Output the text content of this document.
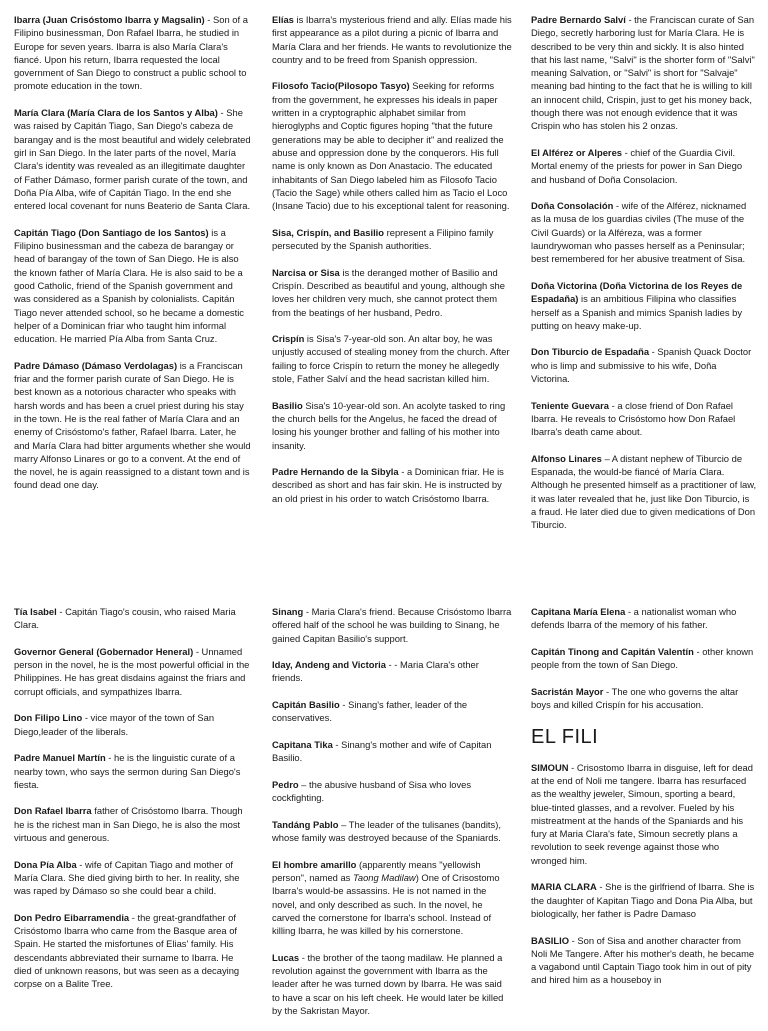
Ibarra (Juan Crisóstomo Ibarra y Magsalin) - Son of a Filipino businessman, Don Rafael Ibarra, he studied in Europe for seven years. Ibarra is also María Clara's fiancé. Upon his return, Ibarra requested the local government of San Diego to construct a public school to promote education in the town.
María Clara (María Clara de los Santos y Alba) - She was raised by Capitán Tiago, San Diego's cabeza de barangay and is the most beautiful and widely celebrated girl in San Diego. In the later parts of the novel, María Clara's identity was revealed as an illegitimate daughter of Father Dámaso, former parish curate of the town, and Doña Pía Alba, wife of Capitán Tiago. In the end she entered local covenant for nuns Beaterio de Santa Clara.
Capitán Tiago (Don Santiago de los Santos) is a Filipino businessman and the cabeza de barangay or head of barangay of the town of San Diego. He is also the known father of María Clara. He is also said to be a good Catholic, friend of the Spanish government and was considered as a Spanish by colonialists. Capitán Tiago never attended school, so he became a domestic helper of a Dominican friar who taught him informal education. He married Pía Alba from Santa Cruz.
Padre Dámaso (Dámaso Verdolagas) is a Franciscan friar and the former parish curate of San Diego. He is best known as a notorious character who speaks with harsh words and has been a cruel priest during his stay in the town. He is the real father of María Clara and an enemy of Crisóstomo's father, Rafael Ibarra. Later, he and María Clara had bitter arguments whether she would marry Alfonso Linares or go to a convent. At the end of the novel, he is again reassigned to a distant town and is found dead one day.
Elías is Ibarra's mysterious friend and ally. Elías made his first appearance as a pilot during a picnic of Ibarra and María Clara and her friends. He wants to revolutionize the country and to be freed from Spanish oppression.
Filosofo Tacio(Pilosopo Tasyo) Seeking for reforms from the government, he expresses his ideals in paper written in a cryptographic alphabet similar from hieroglyphs and Coptic figures hoping "that the future generations may be able to decipher it" and realized the abuse and oppression done by the conquerors. His full name is only known as Don Anastacio. The educated inhabitants of San Diego labeled him as Filosofo Tacio (Tacio the Sage) while others called him as Tacio el Loco (Insane Tacio) due to his exceptional talent for reasoning.
Sisa, Crispín, and Basilio represent a Filipino family persecuted by the Spanish authorities.
Narcisa or Sisa is the deranged mother of Basilio and Crispín. Described as beautiful and young, although she loves her children very much, she cannot protect them from the beatings of her husband, Pedro.
Crispín is Sisa's 7-year-old son. An altar boy, he was unjustly accused of stealing money from the church. After failing to force Crispín to return the money he allegedly stole, Father Salví and the head sacristan killed him.
Basilio Sisa's 10-year-old son. An acolyte tasked to ring the church bells for the Angelus, he faced the dread of losing his younger brother and falling of his mother into insanity.
Padre Hernando de la Sibyla - a Dominican friar. He is described as short and has fair skin. He is instructed by an old priest in his order to watch Crisóstomo Ibarra.
Padre Bernardo Salví - the Franciscan curate of San Diego, secretly harboring lust for María Clara. He is described to be very thin and sickly. It is also hinted that his last name, "Salvi" is the shorter form of "Salvi" meaning Salvation, or "Salvi" is short for "Salvaje" meaning bad hinting to the fact that he is willing to kill an innocent child, Crispin, just to get his money back, though there was not enough evidence that it was Crispin who has stolen his 2 onzas.
El Alférez or Alperes - chief of the Guardia Civil. Mortal enemy of the priests for power in San Diego and husband of Doña Consolacion.
Doña Consolación - wife of the Alférez, nicknamed as la musa de los guardias civiles (The muse of the Civil Guards) or la Alféreza, was a former laundrywoman who passes herself as a Peninsular; best remembered for her abusive treatment of Sisa.
Doña Victorina (Doña Victorina de los Reyes de Espadaña) is an ambitious Filipina who classifies herself as a Spanish and mimics Spanish ladies by putting on heavy make-up.
Don Tiburcio de Espadaña - Spanish Quack Doctor who is limp and submissive to his wife, Doña Victorina.
Teniente Guevara - a close friend of Don Rafael Ibarra. He reveals to Crisóstomo how Don Rafael Ibarra's death came about.
Alfonso Linares – A distant nephew of Tiburcio de Espanada, the would-be fiancé of María Clara. Although he presented himself as a practitioner of law, it was later revealed that he, just like Don Tiburcio, is a fraud. He later died due to given medications of Don Tiburcio.
Tía Isabel - Capitán Tiago's cousin, who raised Maria Clara.
Governor General (Gobernador Heneral) - Unnamed person in the novel, he is the most powerful official in the Philippines. He has great disdains against the friars and corrupt officials, and sympathizes Ibarra.
Don Filipo Lino - vice mayor of the town of San Diego,leader of the liberals.
Padre Manuel Martín - he is the linguistic curate of a nearby town, who says the sermon during San Diego's fiesta.
Don Rafael Ibarra father of Crisóstomo Ibarra. Though he is the richest man in San Diego, he is also the most virtuous and generous.
Dona Pía Alba - wife of Capitan Tiago and mother of María Clara. She died giving birth to her. In reality, she was raped by Dámaso so she could bear a child.
Don Pedro Eibarramendia - the great-grandfather of Crisóstomo Ibarra who came from the Basque area of Spain. He started the misfortunes of Elias' family. His descendants abbreviated their surname to Ibarra. He died of unknown reasons, but was seen as a decaying corpse on a Balite Tree.
Sinang - Maria Clara's friend. Because Crisóstomo Ibarra offered half of the school he was building to Sinang, he gained Capitan Basilio's support.
Iday, Andeng and Victoria - - Maria Clara's other friends.
Capitán Basilio - Sinang's father, leader of the conservatives.
Capitana Tika - Sinang's mother and wife of Capitan Basilio.
Pedro – the abusive husband of Sisa who loves cockfighting.
Tandáng Pablo – The leader of the tulisanes (bandits), whose family was destroyed because of the Spaniards.
El hombre amarillo (apparently means "yellowish person", named as Taong Madilaw) One of Crisostomo Ibarra's would-be assassins. He is not named in the novel, and only described as such. In the novel, he carved the cornerstone for Ibarra's school. Instead of killing Ibarra, he was killed by his cornerstone.
Lucas - the brother of the taong madilaw. He planned a revolution against the government with Ibarra as the leader after he was turned down by Ibarra. He was said to have a scar on his left cheek. He would later be killed by the Sakristan Mayor.
Capitana María Elena - a nationalist woman who defends Ibarra of the memory of his father.
Capitán Tinong and Capitán Valentín - other known people from the town of San Diego.
Sacristán Mayor - The one who governs the altar boys and killed Crispín for his accusation.
EL FILI
SIMOUN - Crisostomo Ibarra in disguise, left for dead at the end of Noli me tangere. Ibarra has resurfaced as the wealthy jeweler, Simoun, sporting a beard, blue-tinted glasses, and a revolver. Fueled by his mistreatment at the hands of the Spaniards and his fury at Maria Clara's fate, Simoun secretly plans a revolution to seek revenge against those who wronged him.
MARIA CLARA - She is the girlfriend of Ibarra. She is the daughter of Kapitan Tiago and Dona Pia Alba, but biologically, her father is Padre Damaso
BASILIO - Son of Sisa and another character from Noli Me Tangere. After his mother's death, he became a vagabond until Captain Tiago took him in out of pity and hired him as a houseboy in
